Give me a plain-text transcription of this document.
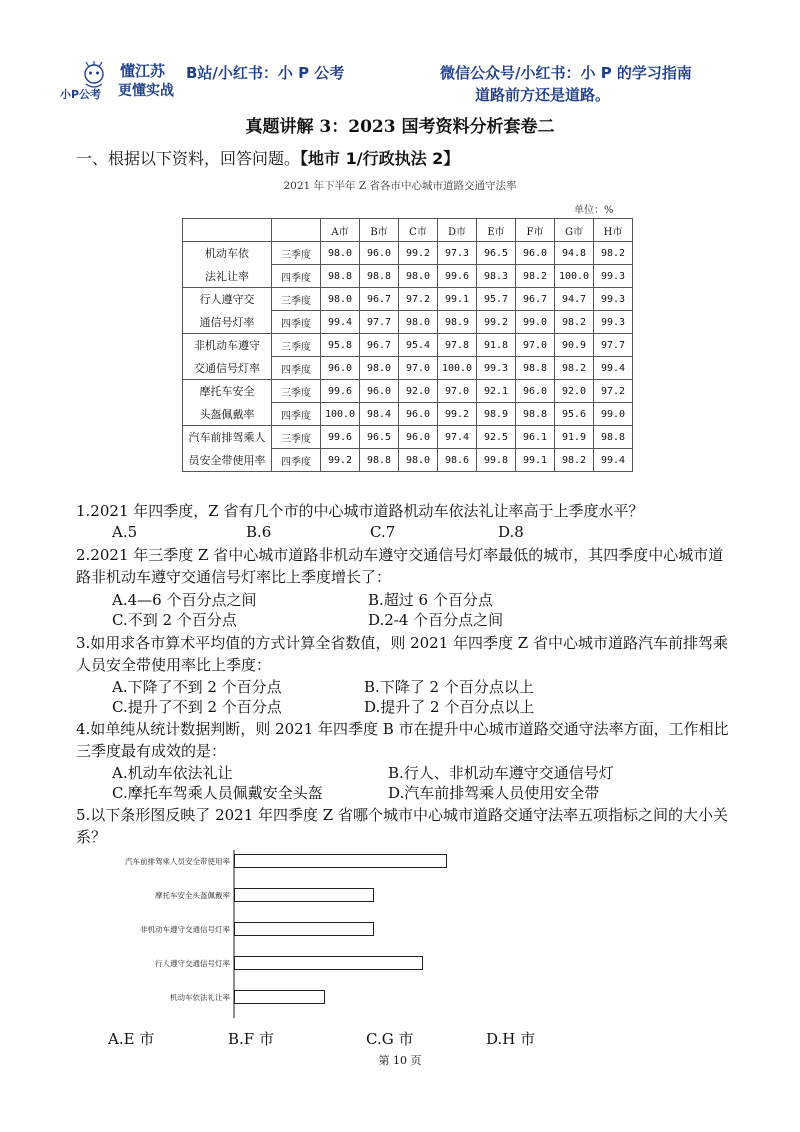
小P公考
懂江苏
更懂实战
B站/小红书：小 P 公考	微信公众号/小红书：小 P 的学习指南
道路前方还是道路。
真题讲解 3：2023 国考资料分析套卷二
一、根据以下资料，回答问题。【地市 1/行政执法 2】
2021 年下半年 Z 省各市中心城市道路交通守法率
单位：%
		A市	B市	C市	D市	E市	F市	G市	H市
机动车依	三季度	98.0	96.0	99.2	97.3	96.5	96.0	94.8	98.2
法礼让率	四季度	98.8	98.8	98.0	99.6	98.3	98.2	100.0	99.3
行人遵守交	三季度	98.0	96.7	97.2	99.1	95.7	96.7	94.7	99.3
通信号灯率	四季度	99.4	97.7	98.0	98.9	99.2	99.0	98.2	99.3
非机动车遵守	三季度	95.8	96.7	95.4	97.8	91.8	97.0	90.9	97.7
交通信号灯率	四季度	96.0	98.0	97.0	100.0	99.3	98.8	98.2	99.4
摩托车安全	三季度	99.6	96.0	92.0	97.0	92.1	96.0	92.0	97.2
头盔佩戴率	四季度	100.0	98.4	96.0	99.2	98.9	98.8	95.6	99.0
汽车前排驾乘人	三季度	99.6	96.5	96.0	97.4	92.5	96.1	91.9	98.8
员安全带使用率	四季度	99.2	98.8	98.0	98.6	99.8	99.1	98.2	99.4
1.2021 年四季度，Z 省有几个市的中心城市道路机动车依法礼让率高于上季度水平？
A.5	B.6	C.7	D.8
2.2021 年三季度 Z 省中心城市道路非机动车遵守交通信号灯率最低的城市，其四季度中心城市道路非机动车遵守交通信号灯率比上季度增长了：
A.4—6 个百分点之间	B.超过 6 个百分点
C.不到 2 个百分点	D.2-4 个百分点之间
3.如用求各市算术平均值的方式计算全省数值，则 2021 年四季度 Z 省中心城市道路汽车前排驾乘人员安全带使用率比上季度：
A.下降了不到 2 个百分点	B.下降了 2 个百分点以上
C.提升了不到 2 个百分点	D.提升了 2 个百分点以上
4.如单纯从统计数据判断，则 2021 年四季度 B 市在提升中心城市道路交通守法率方面，工作相比三季度最有成效的是：
A.机动车依法礼让	B.行人、非机动车遵守交通信号灯
C.摩托车驾乘人员佩戴安全头盔	D.汽车前排驾乘人员使用安全带
5.以下条形图反映了 2021 年四季度 Z 省哪个城市中心城市道路交通守法率五项指标之间的大小关系？
汽车前排驾乘人员安全带使用率
摩托车安全头盔佩戴率
非机动车遵守交通信号灯率
行人遵守交通信号灯率
机动车依法礼让率
A.E 市	B.F 市	C.G 市	D.H 市
第 10 页
